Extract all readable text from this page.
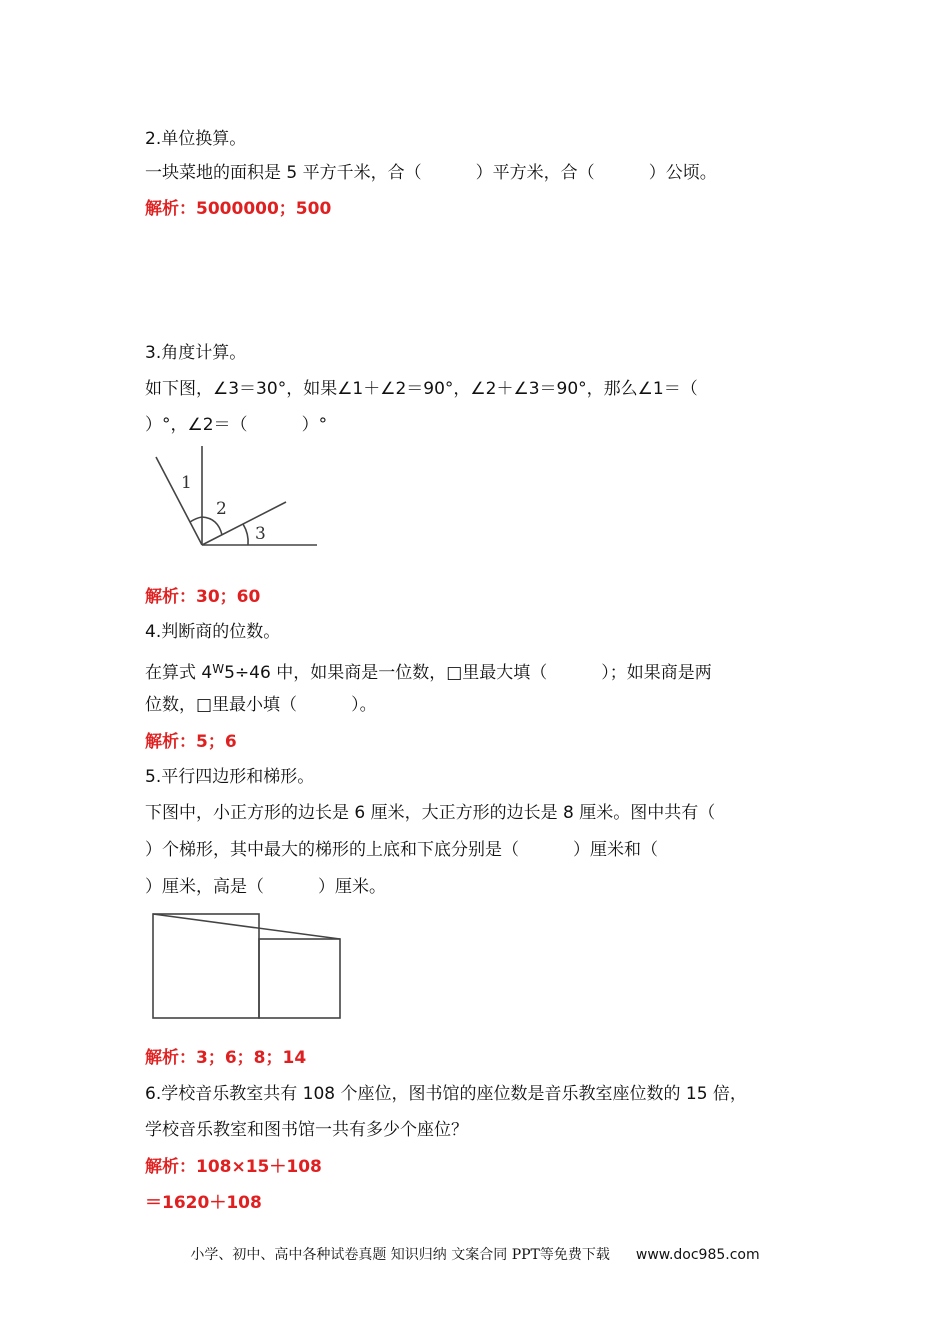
2.单位换算。
一块菜地的面积是 5 平方千米，合（          ）平方米，合（          ）公顷。
解析：5000000；500
3.角度计算。
如下图，∠3＝30°，如果∠1＋∠2＝90°，∠2＋∠3＝90°，那么∠1＝（
）°，∠2＝（          ）°
1
2
3
解析：30；60
4.判断商的位数。
在算式 $4^W5\div 46$ 中，如果商是一位数，□里最大填（          ）；如果商是两
位数，□里最小填（          ）。
解析：5；6
5.平行四边形和梯形。
下图中，小正方形的边长是 6 厘米，大正方形的边长是 8 厘米。图中共有（
）个梯形，其中最大的梯形的上底和下底分别是（          ）厘米和（
）厘米，高是（          ）厘米。
解析：3；6；8；14
6.学校音乐教室共有 108 个座位，图书馆的座位数是音乐教室座位数的 15 倍，
学校音乐教室和图书馆一共有多少个座位？
解析：108×15＋108
＝1620＋108
小学、初中、高中各种试卷真题 知识归纳 文案合同 PPT等免费下载 www.doc985.com
